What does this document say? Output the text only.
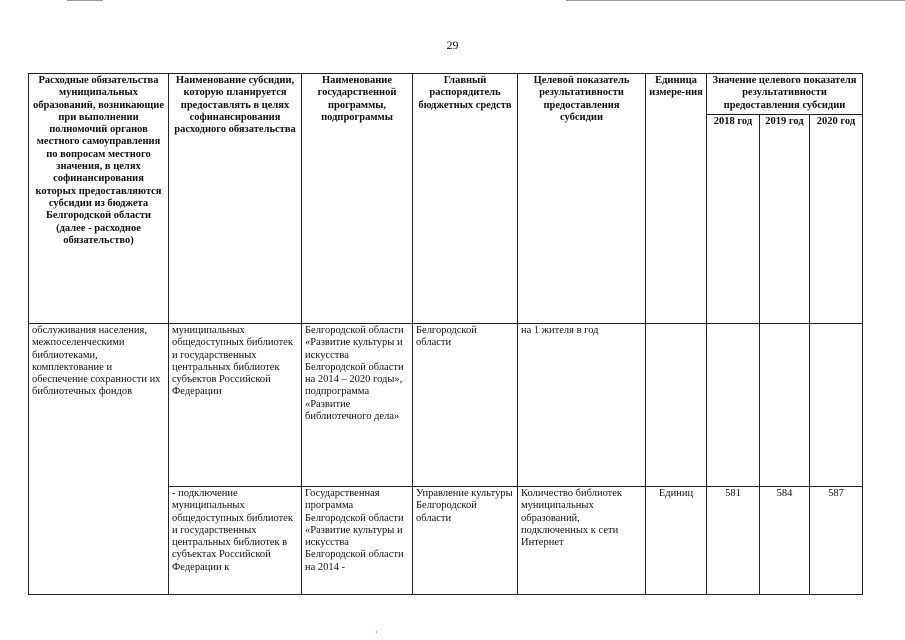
29
Расходные обязательства муниципальных образований, возникающие при выполнении полномочий органов местного самоуправления по вопросам местного значения, в целях софинансирования которых предоставляются субсидии из бюджета Белгородской области (далее - расходное обязательство)	Наименование субсидии, которую планируется предоставлять в целях софинансирования расходного обязательства	Наименование государственной программы, подпрограммы	Главный распорядитель бюджетных средств	Целевой показатель результативности предоставления субсидии	Единица измере-ния	Значение целевого показателя результативности предоставления субсидии		
						2018 год	2019 год	2020 год
обслуживания населения, межпоселенческими библиотеками, комплектование и обеспечение сохранности их библиотечных фондов	муниципальных общедоступных библиотек и государственных центральных библиотек субъектов Российской Федерации	Белгородской области «Развитие культуры и искусства Белгородской области на 2014 – 2020 годы», подпрограмма «Развитие библиотечного дела»	Белгородской области	на 1 жителя в год				
	- подключение муниципальных общедоступных библиотек и государственных центральных библиотек в субъектах Российской Федерации к	Государственная программа Белгородской области «Развитие культуры и искусства Белгородской области на 2014 -	Управление культуры Белгородской области	Количество библиотек муниципальных образований, подключенных к сети Интернет	Единиц	581	584	587
·
·
